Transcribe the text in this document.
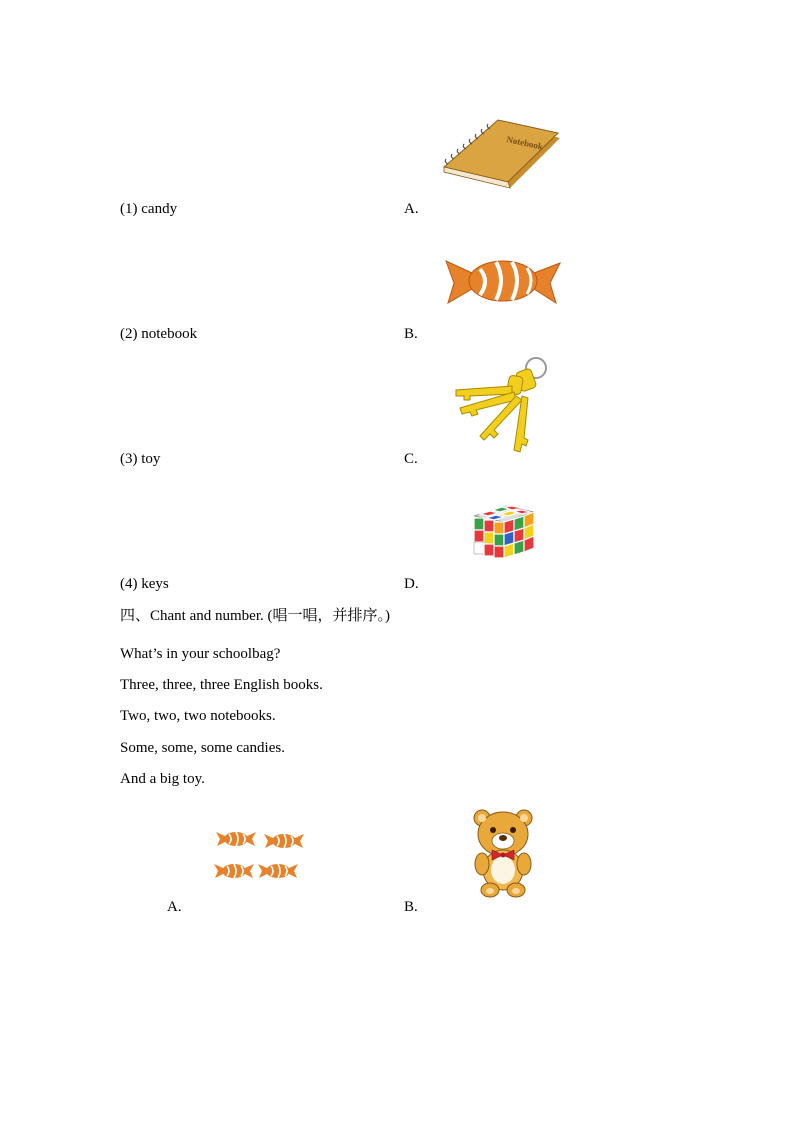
(1) candy	A.
Notebook
(2) notebook	B.
(3) toy	C.
(4) keys	D.
四、Chant and number. (唱一唱，并排序。)
What’s in your schoolbag?
Three, three, three English books.
Two, two, two notebooks.
Some, some, some candies.
And a big toy.
A.	B.
